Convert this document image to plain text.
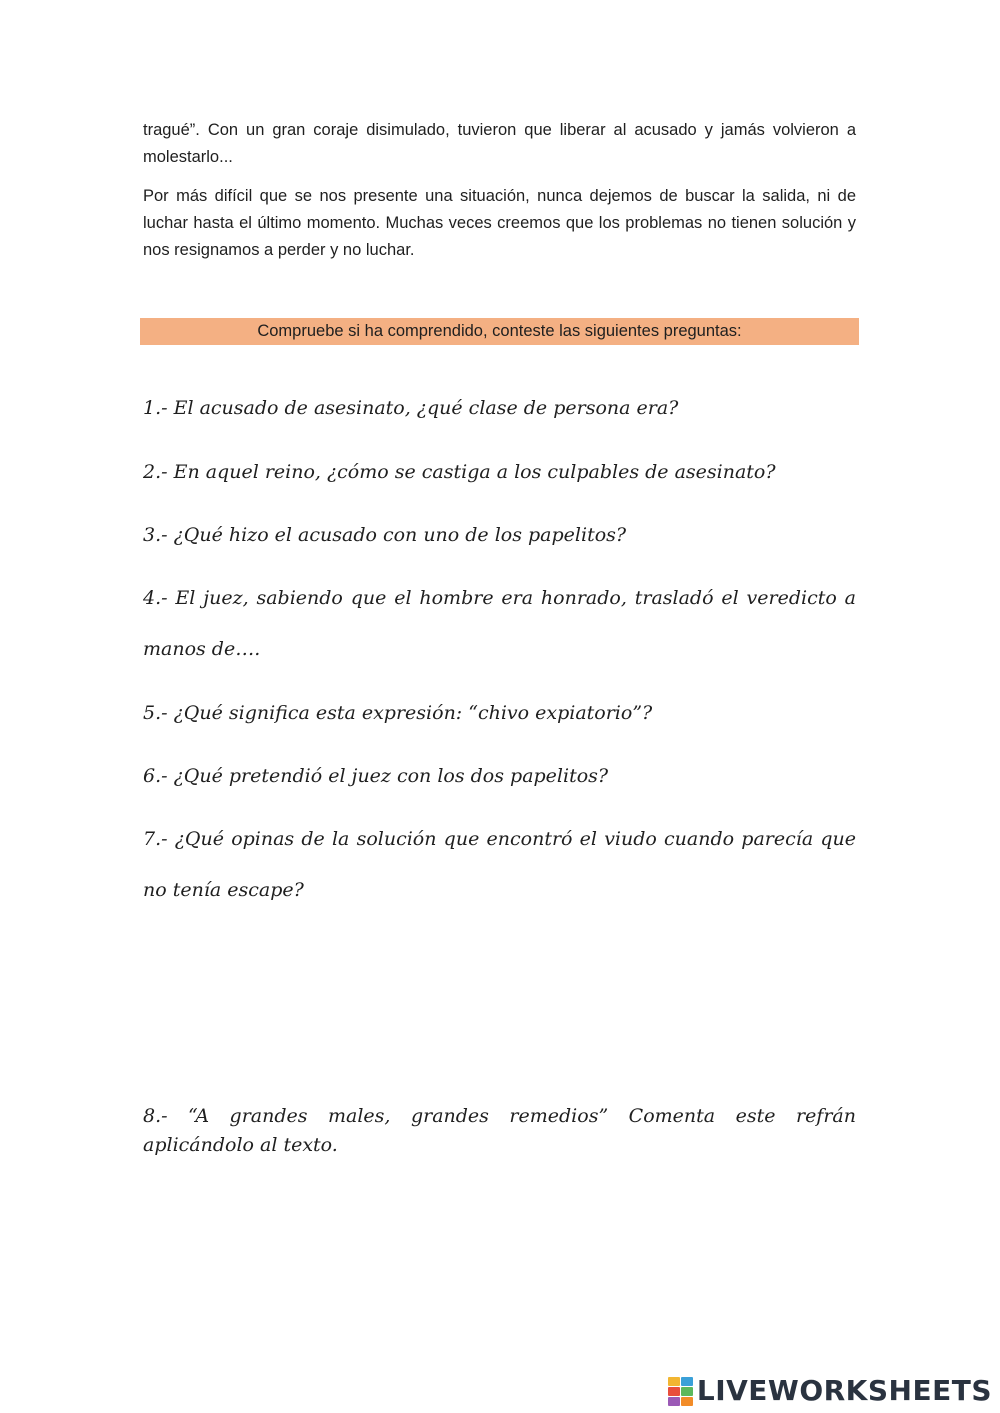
tragué”. Con un gran coraje disimulado, tuvieron que liberar al acusado y jamás volvieron a molestarlo...

Por más difícil que se nos presente una situación, nunca dejemos de buscar la salida, ni de luchar hasta el último momento. Muchas veces creemos que los problemas no tienen solución y nos resignamos a perder y no luchar.

Compruebe si ha comprendido, conteste las siguientes preguntas:

1.- El acusado de asesinato, ¿qué clase de persona era?

2.- En aquel reino, ¿cómo se castiga a los culpables de asesinato?

3.- ¿Qué hizo el acusado con uno de los papelitos?

4.- El juez, sabiendo que el hombre era honrado, trasladó el veredicto a manos de….

5.- ¿Qué significa esta expresión: “chivo expiatorio”?

6.- ¿Qué pretendió el juez con los dos papelitos?

7.- ¿Qué opinas de la solución que encontró el viudo cuando parecía que no tenía escape?

8.- “A grandes males, grandes remedios” Comenta este refrán aplicándolo al texto.

LIVEWORKSHEETS
